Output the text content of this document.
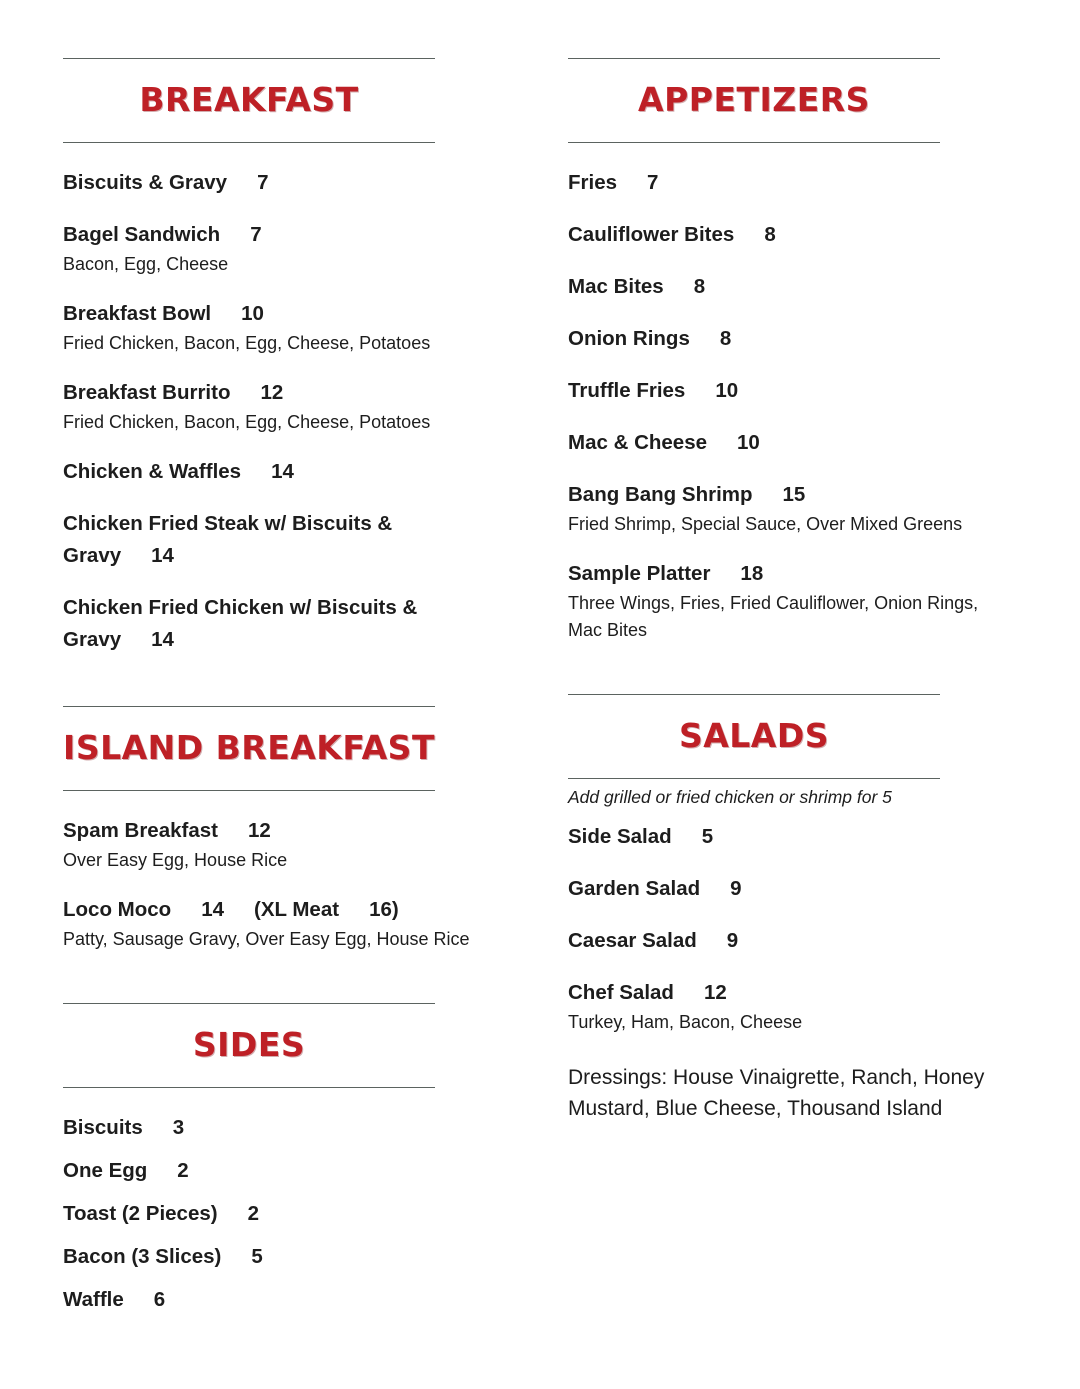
BREAKFAST
Biscuits & Gravy 7
Bagel Sandwich 7
Bacon, Egg, Cheese
Breakfast Bowl 10
Fried Chicken, Bacon, Egg, Cheese, Potatoes
Breakfast Burrito 12
Fried Chicken, Bacon, Egg, Cheese, Potatoes
Chicken & Waffles 14
Chicken Fried Steak w/ Biscuits & Gravy 14
Chicken Fried Chicken w/ Biscuits & Gravy 14
ISLAND BREAKFAST
Spam Breakfast 12
Over Easy Egg, House Rice
Loco Moco 14 (XL Meat 16)
Patty, Sausage Gravy, Over Easy Egg, House Rice
SIDES
Biscuits 3
One Egg 2
Toast (2 Pieces) 2
Bacon (3 Slices) 5
Waffle 6
APPETIZERS
Fries 7
Cauliflower Bites 8
Mac Bites 8
Onion Rings 8
Truffle Fries 10
Mac & Cheese 10
Bang Bang Shrimp 15
Fried Shrimp, Special Sauce, Over Mixed Greens
Sample Platter 18
Three Wings, Fries, Fried Cauliflower, Onion Rings, Mac Bites
SALADS
Add grilled or fried chicken or shrimp for 5
Side Salad 5
Garden Salad 9
Caesar Salad 9
Chef Salad 12
Turkey, Ham, Bacon, Cheese
Dressings: House Vinaigrette, Ranch, Honey Mustard, Blue Cheese, Thousand Island
